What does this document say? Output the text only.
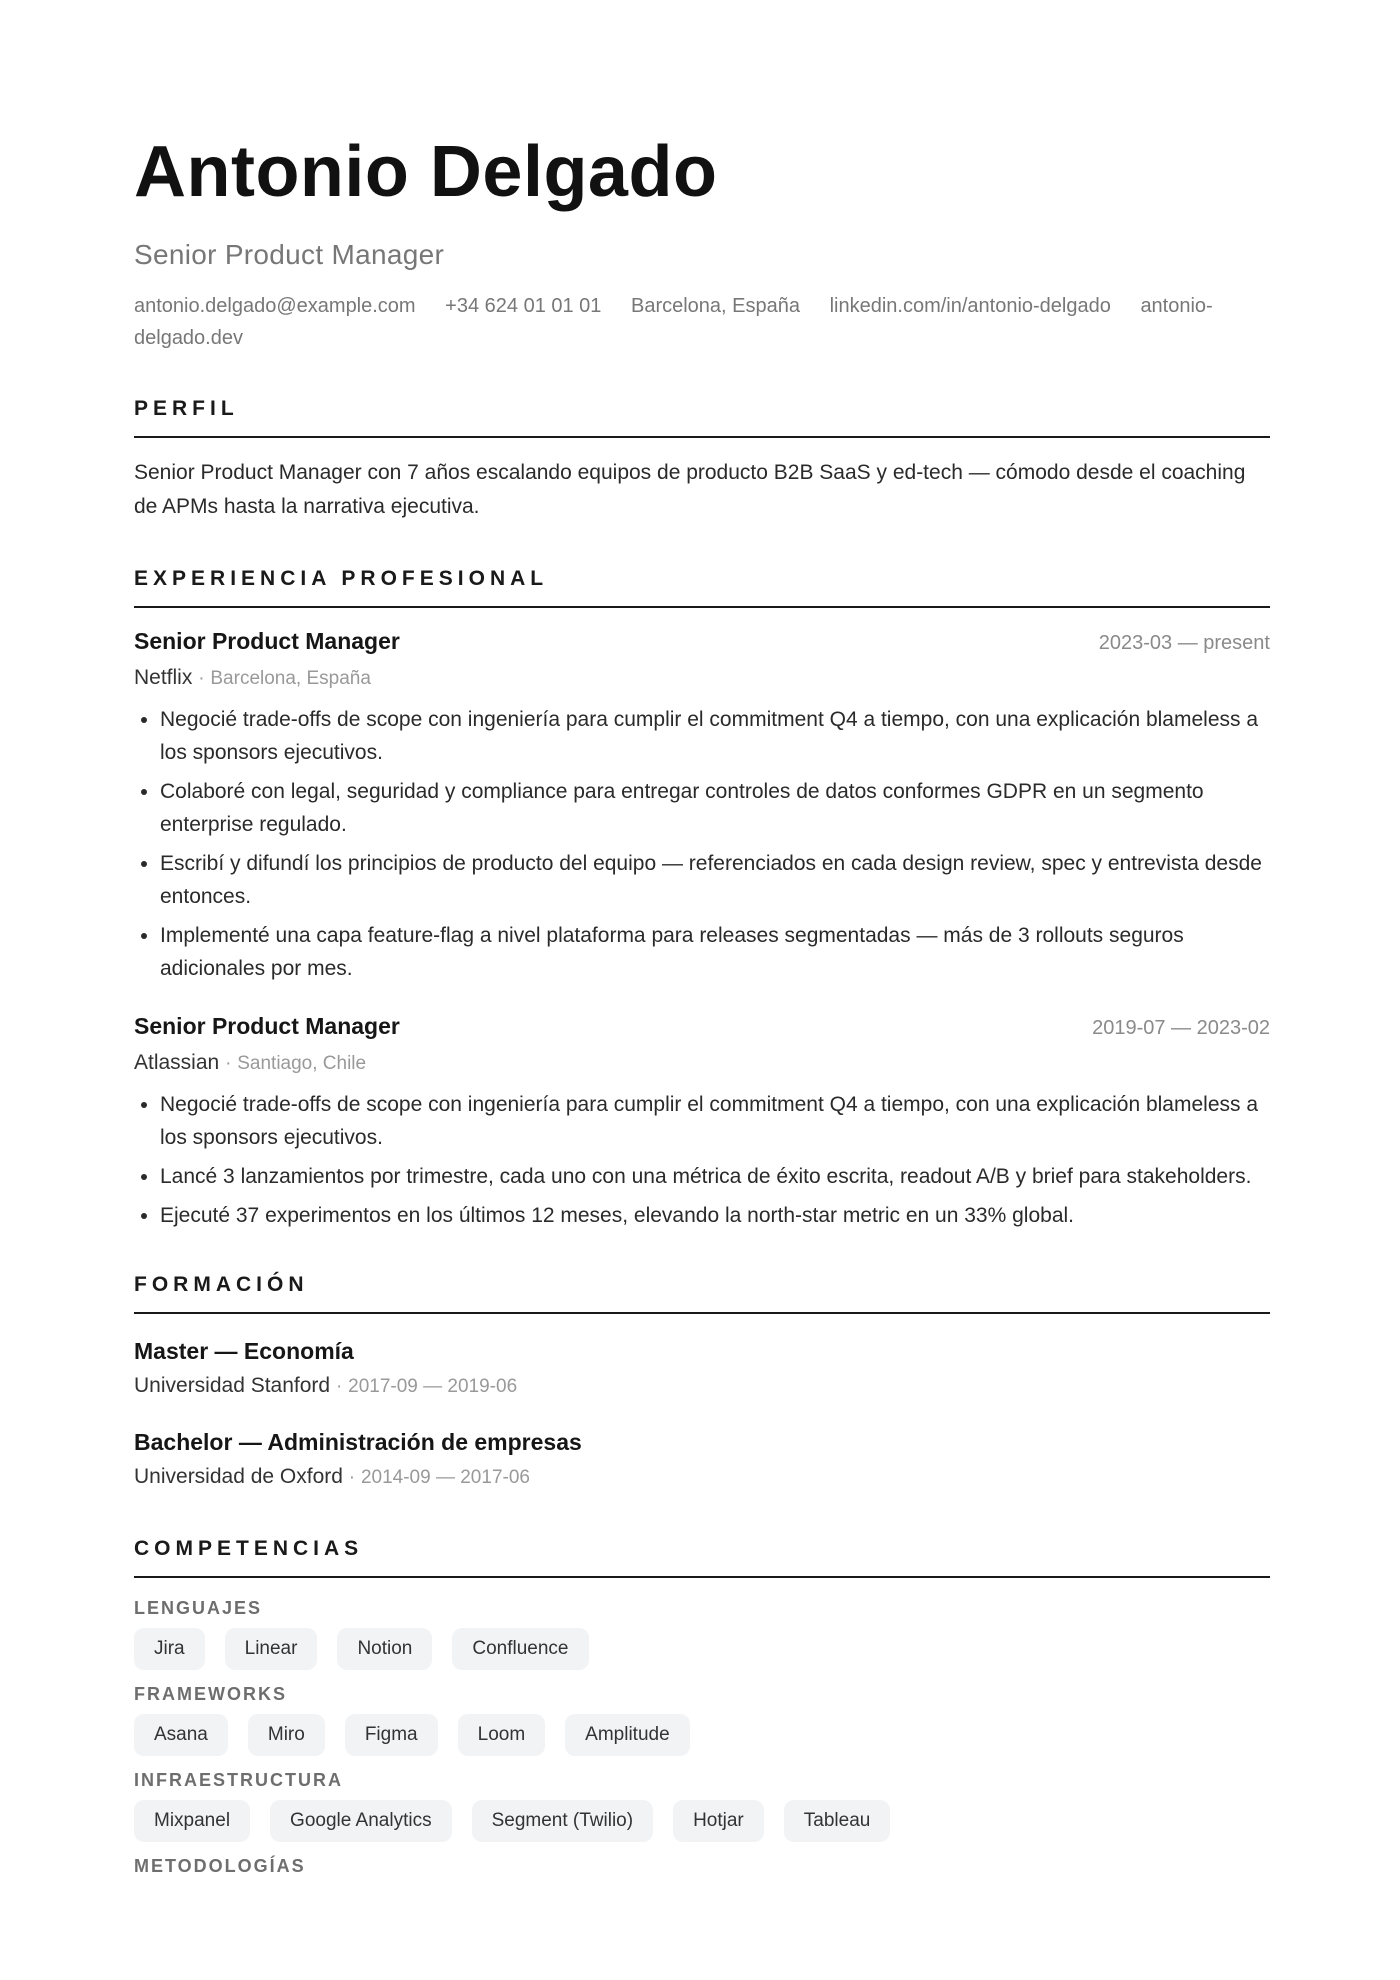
Antonio Delgado
Senior Product Manager
antonio.delgado@example.com +34 624 01 01 01 Barcelona, España linkedin.com/in/antonio-delgado antonio-delgado.dev
PERFIL
Senior Product Manager con 7 años escalando equipos de producto B2B SaaS y ed-tech — cómodo desde el coaching de APMs hasta la narrativa ejecutiva.
EXPERIENCIA PROFESIONAL
Senior Product Manager	2023-03 — present
Netflix · Barcelona, España
• Negocié trade-offs de scope con ingeniería para cumplir el commitment Q4 a tiempo, con una explicación blameless a los sponsors ejecutivos.
• Colaboré con legal, seguridad y compliance para entregar controles de datos conformes GDPR en un segmento enterprise regulado.
• Escribí y difundí los principios de producto del equipo — referenciados en cada design review, spec y entrevista desde entonces.
• Implementé una capa feature-flag a nivel plataforma para releases segmentadas — más de 3 rollouts seguros adicionales por mes.
Senior Product Manager	2019-07 — 2023-02
Atlassian · Santiago, Chile
• Negocié trade-offs de scope con ingeniería para cumplir el commitment Q4 a tiempo, con una explicación blameless a los sponsors ejecutivos.
• Lancé 3 lanzamientos por trimestre, cada uno con una métrica de éxito escrita, readout A/B y brief para stakeholders.
• Ejecuté 37 experimentos en los últimos 12 meses, elevando la north-star metric en un 33% global.
FORMACIÓN
Master — Economía
Universidad Stanford · 2017-09 — 2019-06
Bachelor — Administración de empresas
Universidad de Oxford · 2014-09 — 2017-06
COMPETENCIAS
LENGUAJES
Jira	Linear	Notion	Confluence
FRAMEWORKS
Asana	Miro	Figma	Loom	Amplitude
INFRAESTRUCTURA
Mixpanel	Google Analytics	Segment (Twilio)	Hotjar	Tableau
METODOLOGÍAS
